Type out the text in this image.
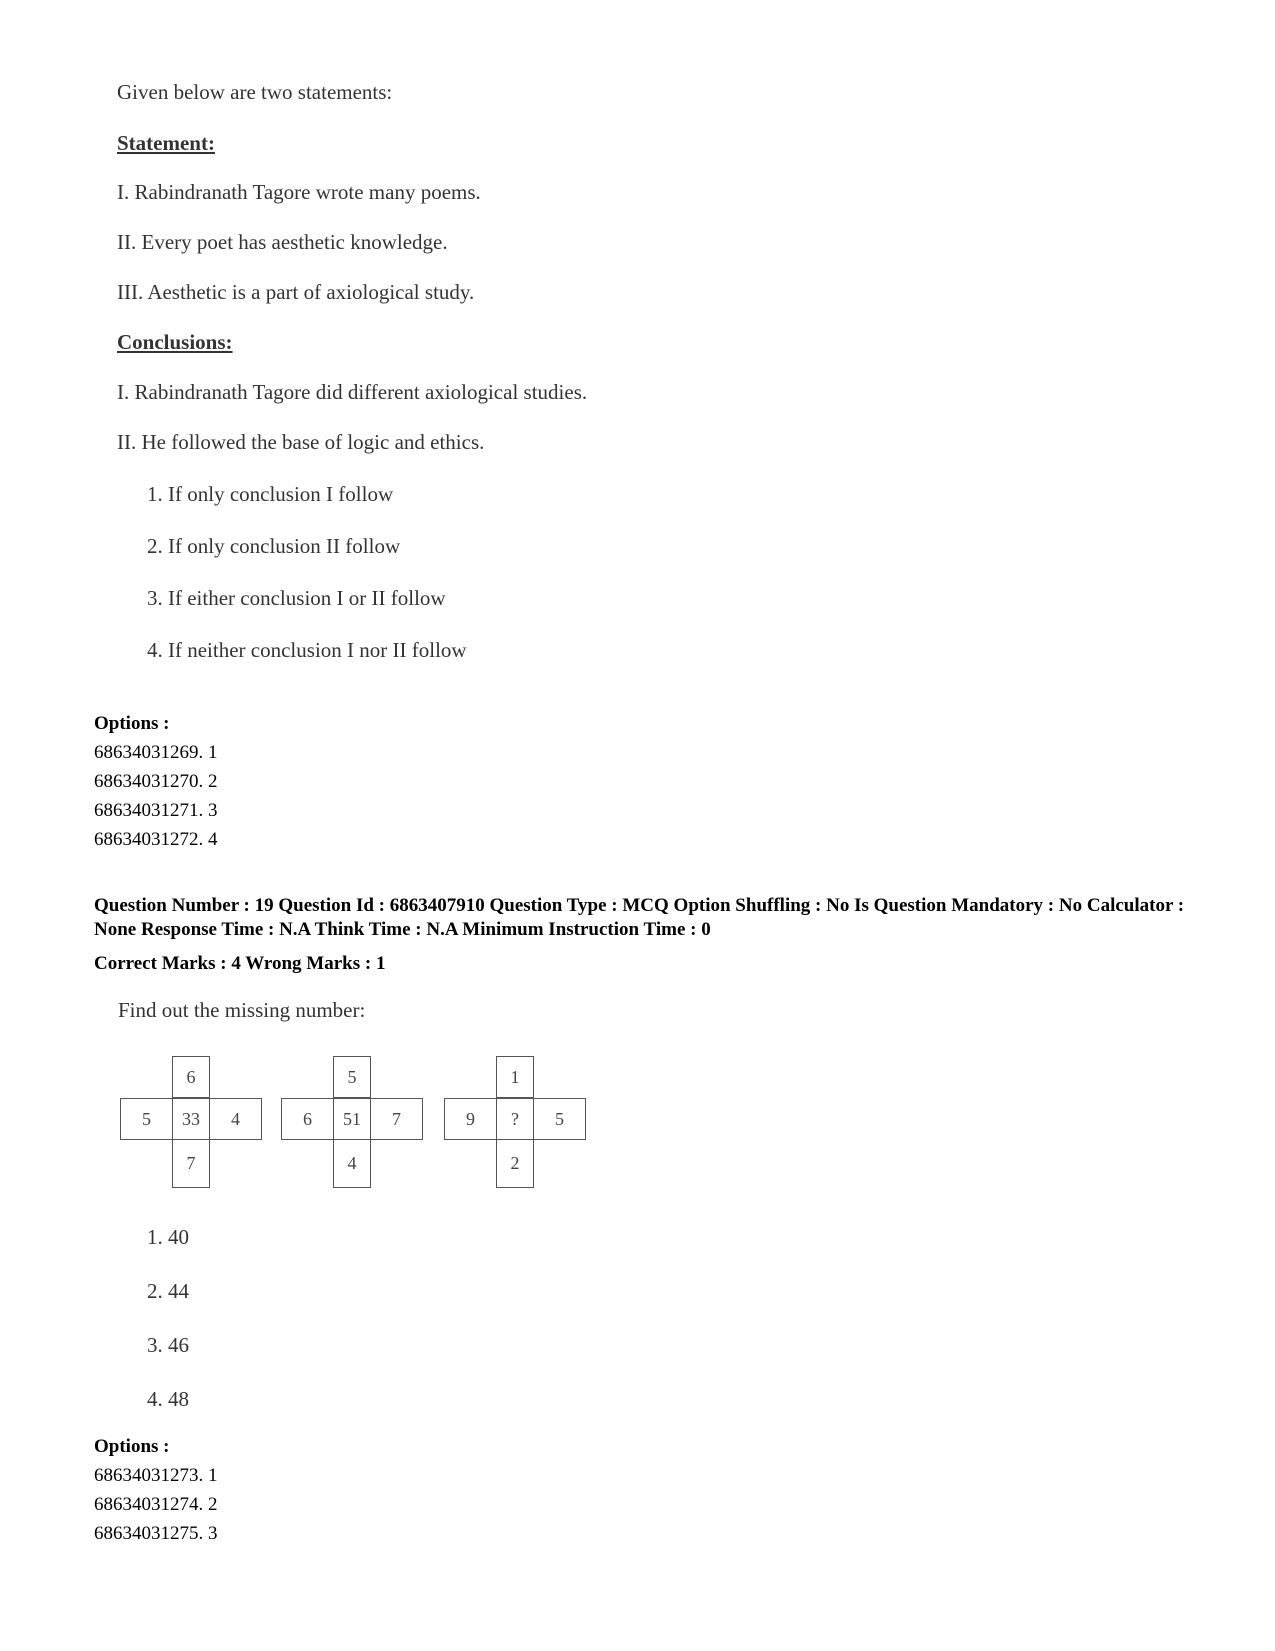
Given below are two statements:
Statement:
I. Rabindranath Tagore wrote many poems.
II. Every poet has aesthetic knowledge.
III. Aesthetic is a part of axiological study.
Conclusions:
I. Rabindranath Tagore did different axiological studies.
II. He followed the base of logic and ethics.
1. If only conclusion I follow
2. If only conclusion II follow
3. If either conclusion I or II follow
4. If neither conclusion I nor II follow
Options :
68634031269. 1
68634031270. 2
68634031271. 3
68634031272. 4
Question Number : 19 Question Id : 6863407910 Question Type : MCQ Option Shuffling : No Is Question Mandatory : No Calculator : None Response Time : N.A Think Time : N.A Minimum Instruction Time : 0
Correct Marks : 4 Wrong Marks : 1
Find out the missing number:
6
5	33	4
7
5
6	51	7
4
1
9	?	5
2
1. 40
2. 44
3. 46
4. 48
Options :
68634031273. 1
68634031274. 2
68634031275. 3
